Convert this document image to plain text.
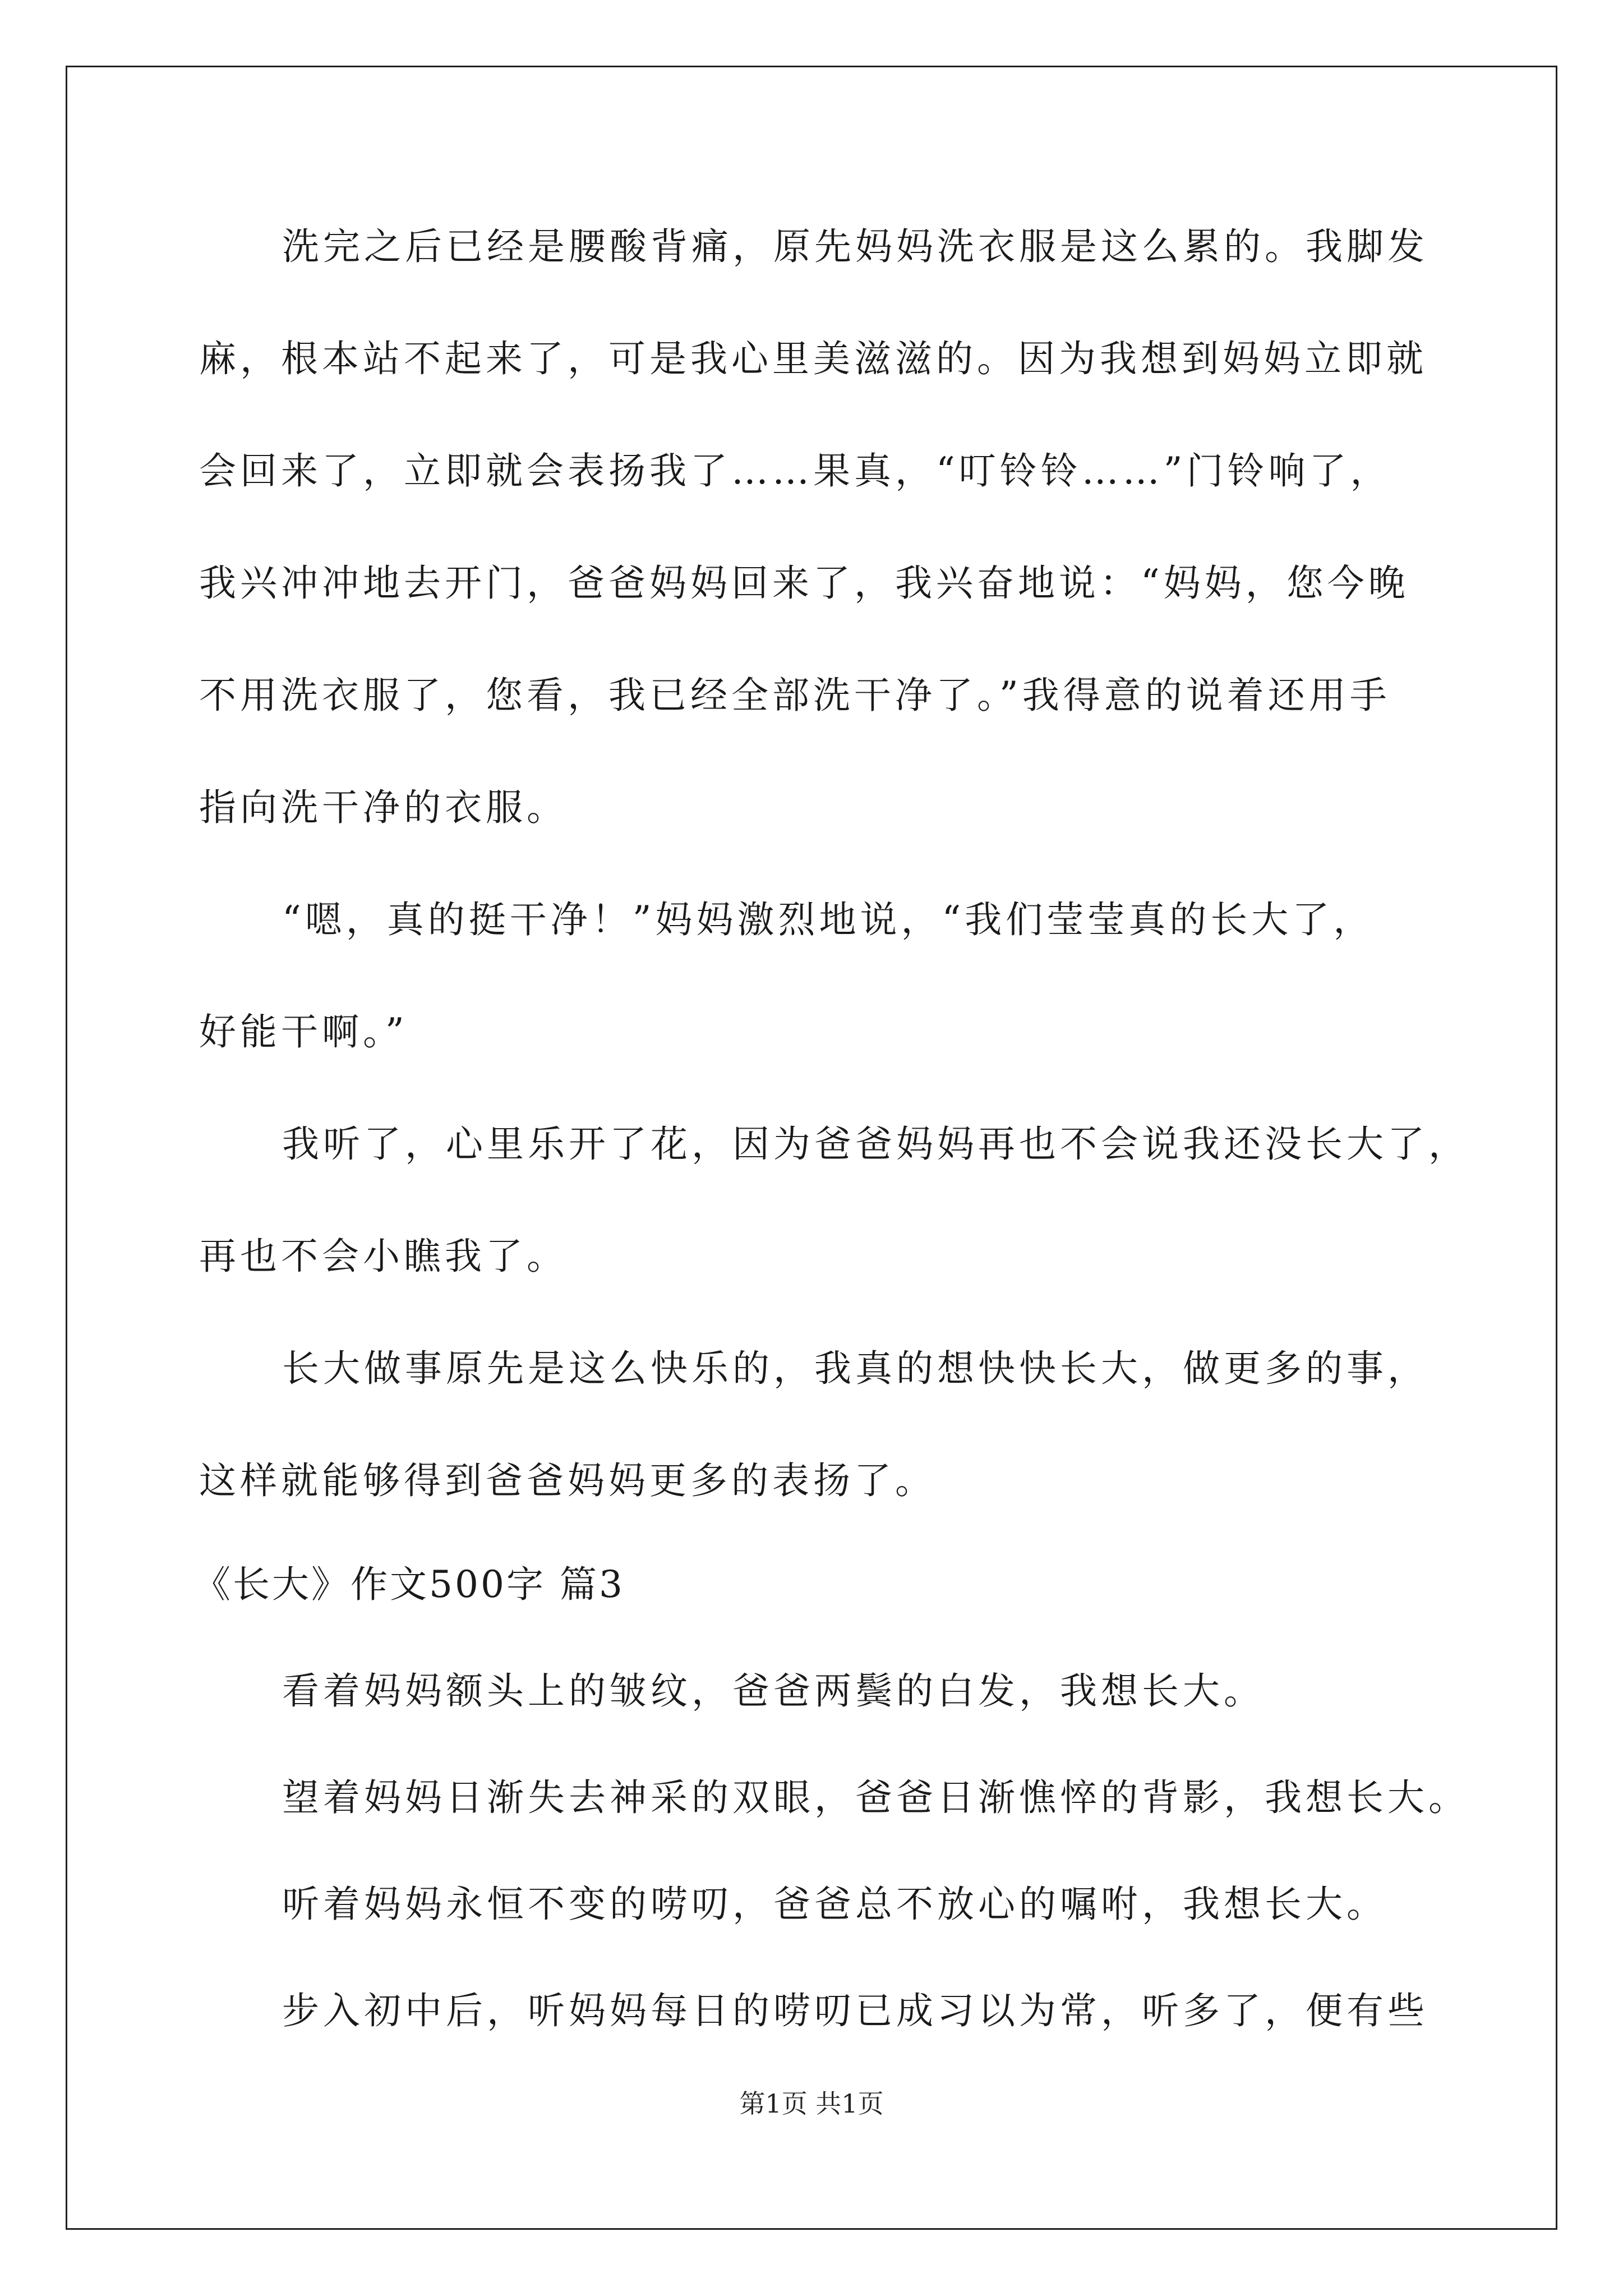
洗完之后已经是腰酸背痛，原先妈妈洗衣服是这么累的。我脚发
麻，根本站不起来了，可是我心里美滋滋的。因为我想到妈妈立即就
会回来了，立即就会表扬我了……果真，“叮铃铃……”门铃响了，
我兴冲冲地去开门，爸爸妈妈回来了，我兴奋地说：“妈妈，您今晚
不用洗衣服了，您看，我已经全部洗干净了。”我得意的说着还用手
指向洗干净的衣服。
“嗯，真的挺干净！”妈妈激烈地说，“我们莹莹真的长大了，
好能干啊。”
我听了，心里乐开了花，因为爸爸妈妈再也不会说我还没长大了，
再也不会小瞧我了。
长大做事原先是这么快乐的，我真的想快快长大，做更多的事，
这样就能够得到爸爸妈妈更多的表扬了。
《长大》作文500字 篇3
看着妈妈额头上的皱纹，爸爸两鬓的白发，我想长大。
望着妈妈日渐失去神采的双眼，爸爸日渐憔悴的背影，我想长大。
听着妈妈永恒不变的唠叨，爸爸总不放心的嘱咐，我想长大。
步入初中后，听妈妈每日的唠叨已成习以为常，听多了，便有些
第1页 共1页
